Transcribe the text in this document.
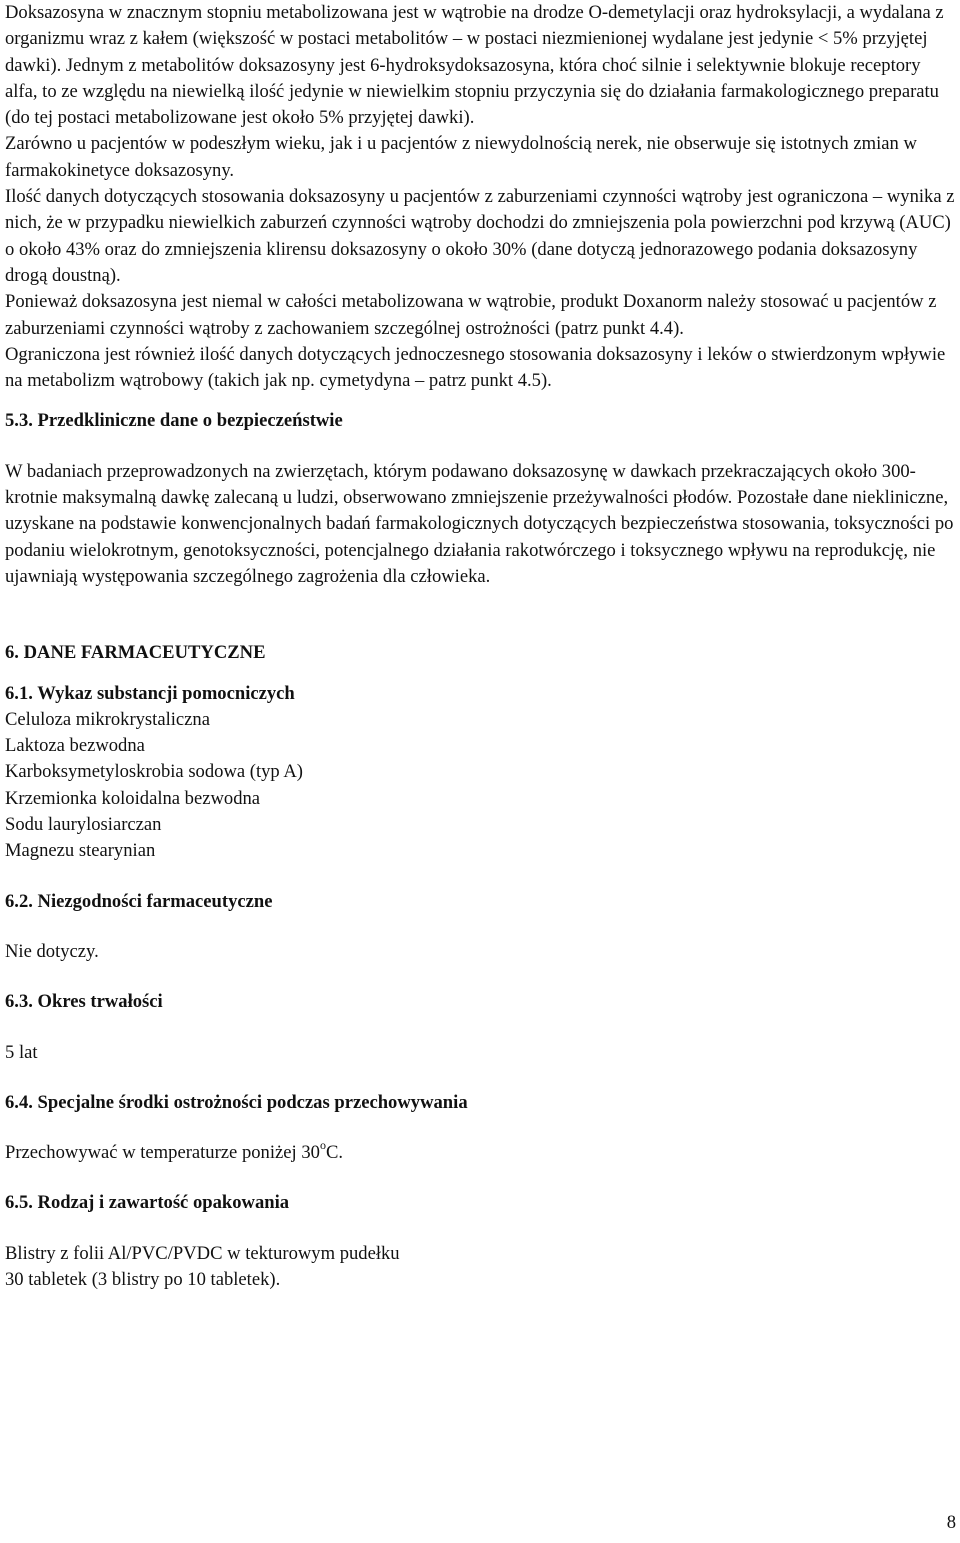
Doksazosyna w znacznym stopniu metabolizowana jest w wątrobie na drodze O-demetylacji oraz hydroksylacji, a wydalana z organizmu wraz z kałem (większość w postaci metabolitów – w postaci niezmienionej wydalane jest jedynie < 5% przyjętej dawki). Jednym z metabolitów doksazosyny jest 6-hydroksydoksazosyna, która choć silnie i selektywnie blokuje receptory alfa, to ze względu na niewielką ilość jedynie w niewielkim stopniu przyczynia się do działania farmakologicznego preparatu (do tej postaci metabolizowane jest około 5% przyjętej dawki).

Zarówno u pacjentów w podeszłym wieku, jak i u pacjentów z niewydolnością nerek, nie obserwuje się istotnych zmian w farmakokinetyce doksazosyny.

Ilość danych dotyczących stosowania doksazosyny u pacjentów z zaburzeniami czynności wątroby jest ograniczona – wynika z nich, że w przypadku niewielkich zaburzeń czynności wątroby dochodzi do zmniejszenia pola powierzchni pod krzywą (AUC) o około 43% oraz do zmniejszenia klirensu doksazosyny o około 30% (dane dotyczą jednorazowego podania doksazosyny drogą doustną).

Ponieważ doksazosyna jest niemal w całości metabolizowana w wątrobie, produkt Doxanorm należy stosować u pacjentów z zaburzeniami czynności wątroby z zachowaniem szczególnej ostrożności (patrz punkt 4.4).

Ograniczona jest również ilość danych dotyczących jednoczesnego stosowania doksazosyny i leków o stwierdzonym wpływie na metabolizm wątrobowy (takich jak np. cymetydyna – patrz punkt 4.5).

5.3. Przedkliniczne dane o bezpieczeństwie

W badaniach przeprowadzonych na zwierzętach, którym podawano doksazosynę w dawkach przekraczających około 300-krotnie maksymalną dawkę zalecaną u ludzi, obserwowano zmniejszenie przeżywalności płodów. Pozostałe dane niekliniczne, uzyskane na podstawie konwencjonalnych badań farmakologicznych dotyczących bezpieczeństwa stosowania, toksyczności po podaniu wielokrotnym, genotoksyczności, potencjalnego działania rakotwórczego i toksycznego wpływu na reprodukcję, nie ujawniają występowania szczególnego zagrożenia dla człowieka.

6. DANE FARMACEUTYCZNE

6.1. Wykaz substancji pomocniczych

Celuloza mikrokrystaliczna
Laktoza bezwodna
Karboksymetyloskrobia sodowa (typ A)
Krzemionka koloidalna bezwodna
Sodu laurylosiarczan
Magnezu stearynian

6.2. Niezgodności farmaceutyczne

Nie dotyczy.

6.3. Okres trwałości

5 lat

6.4. Specjalne środki ostrożności podczas przechowywania

Przechowywać w temperaturze poniżej 30$^o$C.

6.5. Rodzaj i zawartość opakowania

Blistry z folii Al/PVC/PVDC w tekturowym pudełku
30 tabletek (3 blistry po 10 tabletek).
8
